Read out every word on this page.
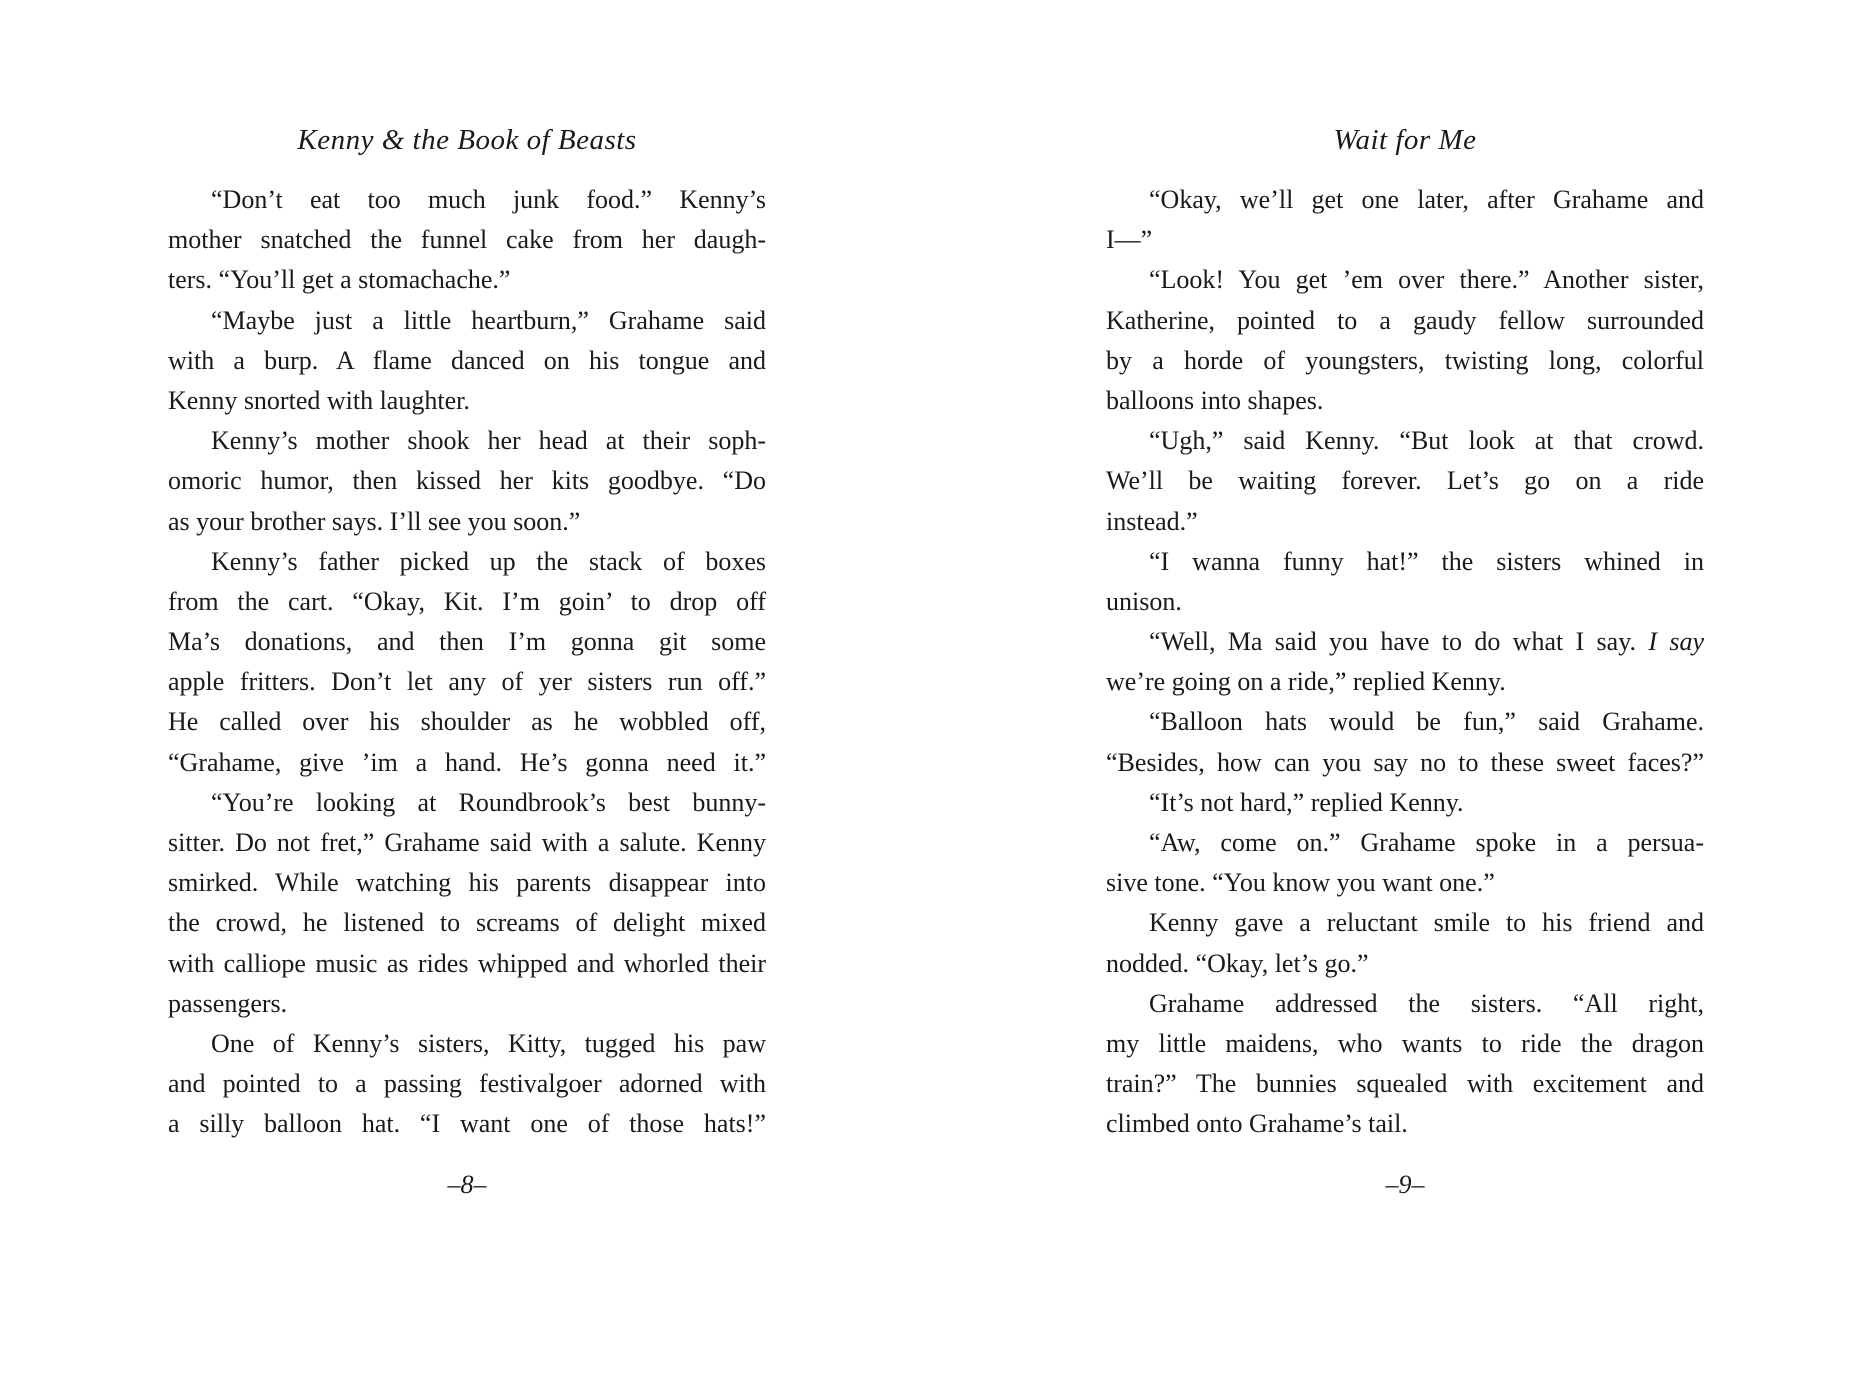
Kenny & the Book of Beasts
“Don’t eat too much junk food.” Kenny’s
mother snatched the funnel cake from her daugh-
ters. “You’ll get a stomachache.”
“Maybe just a little heartburn,” Grahame said
with a burp. A flame danced on his tongue and
Kenny snorted with laughter.
Kenny’s mother shook her head at their soph-
omoric humor, then kissed her kits goodbye. “Do
as your brother says. I’ll see you soon.”
Kenny’s father picked up the stack of boxes
from the cart. “Okay, Kit. I’m goin’ to drop off
Ma’s donations, and then I’m gonna git some
apple fritters. Don’t let any of yer sisters run off.”
He called over his shoulder as he wobbled off,
“Grahame, give ’im a hand. He’s gonna need it.”
“You’re looking at Roundbrook’s best bunny-
sitter. Do not fret,” Grahame said with a salute. Kenny
smirked. While watching his parents disappear into
the crowd, he listened to screams of delight mixed
with calliope music as rides whipped and whorled their
passengers.
One of Kenny’s sisters, Kitty, tugged his paw
and pointed to a passing festivalgoer adorned with
a silly balloon hat. “I want one of those hats!”
–8–
Wait for Me
“Okay, we’ll get one later, after Grahame and
I—”
“Look! You get ’em over there.” Another sister,
Katherine, pointed to a gaudy fellow surrounded
by a horde of youngsters, twisting long, colorful
balloons into shapes.
“Ugh,” said Kenny. “But look at that crowd.
We’ll be waiting forever. Let’s go on a ride
instead.”
“I wanna funny hat!” the sisters whined in
unison.
“Well, Ma said you have to do what I say. I say
we’re going on a ride,” replied Kenny.
“Balloon hats would be fun,” said Grahame.
“Besides, how can you say no to these sweet faces?”
“It’s not hard,” replied Kenny.
“Aw, come on.” Grahame spoke in a persua-
sive tone. “You know you want one.”
Kenny gave a reluctant smile to his friend and
nodded. “Okay, let’s go.”
Grahame addressed the sisters. “All right,
my little maidens, who wants to ride the dragon
train?” The bunnies squealed with excitement and
climbed onto Grahame’s tail.
–9–
